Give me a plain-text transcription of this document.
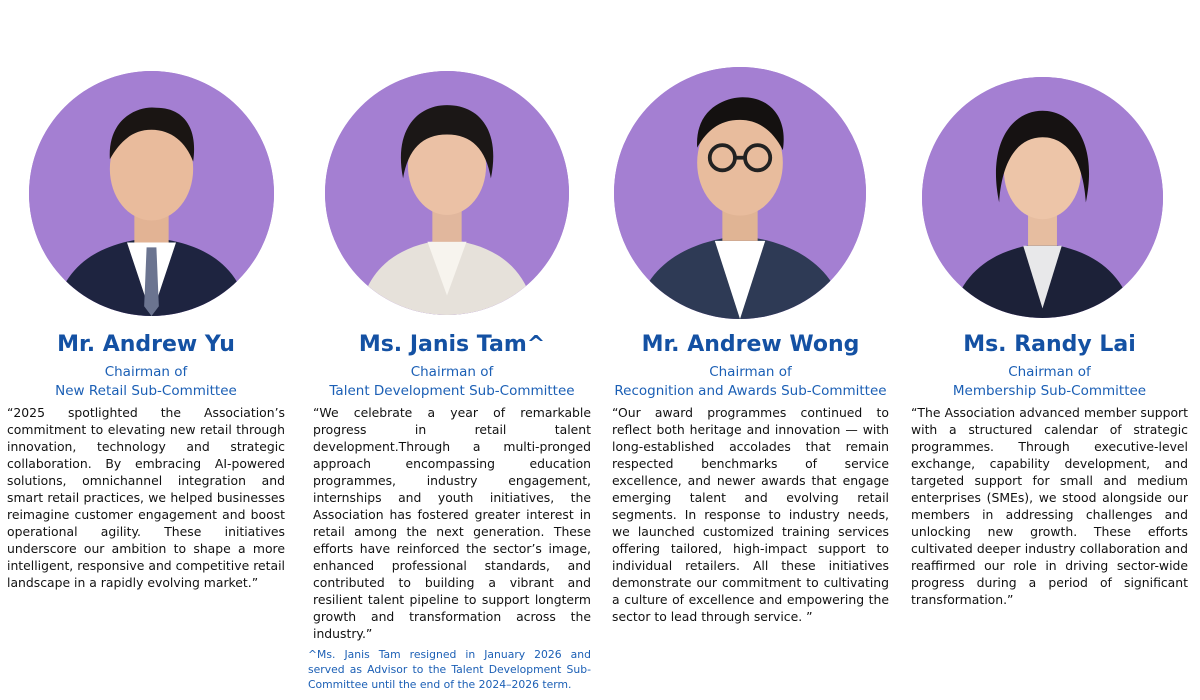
Mr. Andrew Yu
Chairman of
New Retail Sub-Committee

“2025 spotlighted the Association’s commitment to elevating new retail through innovation, technology and strategic collaboration. By embracing AI-powered solutions, omnichannel integration and smart retail practices, we helped businesses reimagine customer engagement and boost operational agility. These initiatives underscore our ambition to shape a more intelligent, responsive and competitive retail landscape in a rapidly evolving market.”

Ms. Janis Tam^
Chairman of
Talent Development Sub-Committee

“We celebrate a year of remarkable progress in retail talent development.Through a multi-pronged approach encompassing education programmes, industry engagement, internships and youth initiatives, the Association has fostered greater interest in retail among the next generation. These efforts have reinforced the sector’s image, enhanced professional standards, and contributed to building a vibrant and resilient talent pipeline to support longterm growth and transformation across the industry.”

Mr. Andrew Wong
Chairman of
Recognition and Awards Sub-Committee

“Our award programmes continued to reflect both heritage and innovation — with long-established accolades that remain respected benchmarks of service excellence, and newer awards that engage emerging talent and evolving retail segments. In response to industry needs, we launched customized training services offering tailored, high-impact support to individual retailers. All these initiatives demonstrate our commitment to cultivating a culture of excellence and empowering the sector to lead through service. ”

Ms. Randy Lai
Chairman of
Membership Sub-Committee

“The Association advanced member support with a structured calendar of strategic programmes. Through executive-level exchange, capability development, and targeted support for small and medium enterprises (SMEs), we stood alongside our members in addressing challenges and unlocking new growth. These efforts cultivated deeper industry collaboration and reaffirmed our role in driving sector-wide progress during a period of significant transformation.”

^Ms. Janis Tam resigned in January 2026 and served as Advisor to the Talent Development Sub-Committee until the end of the 2024–2026 term.
